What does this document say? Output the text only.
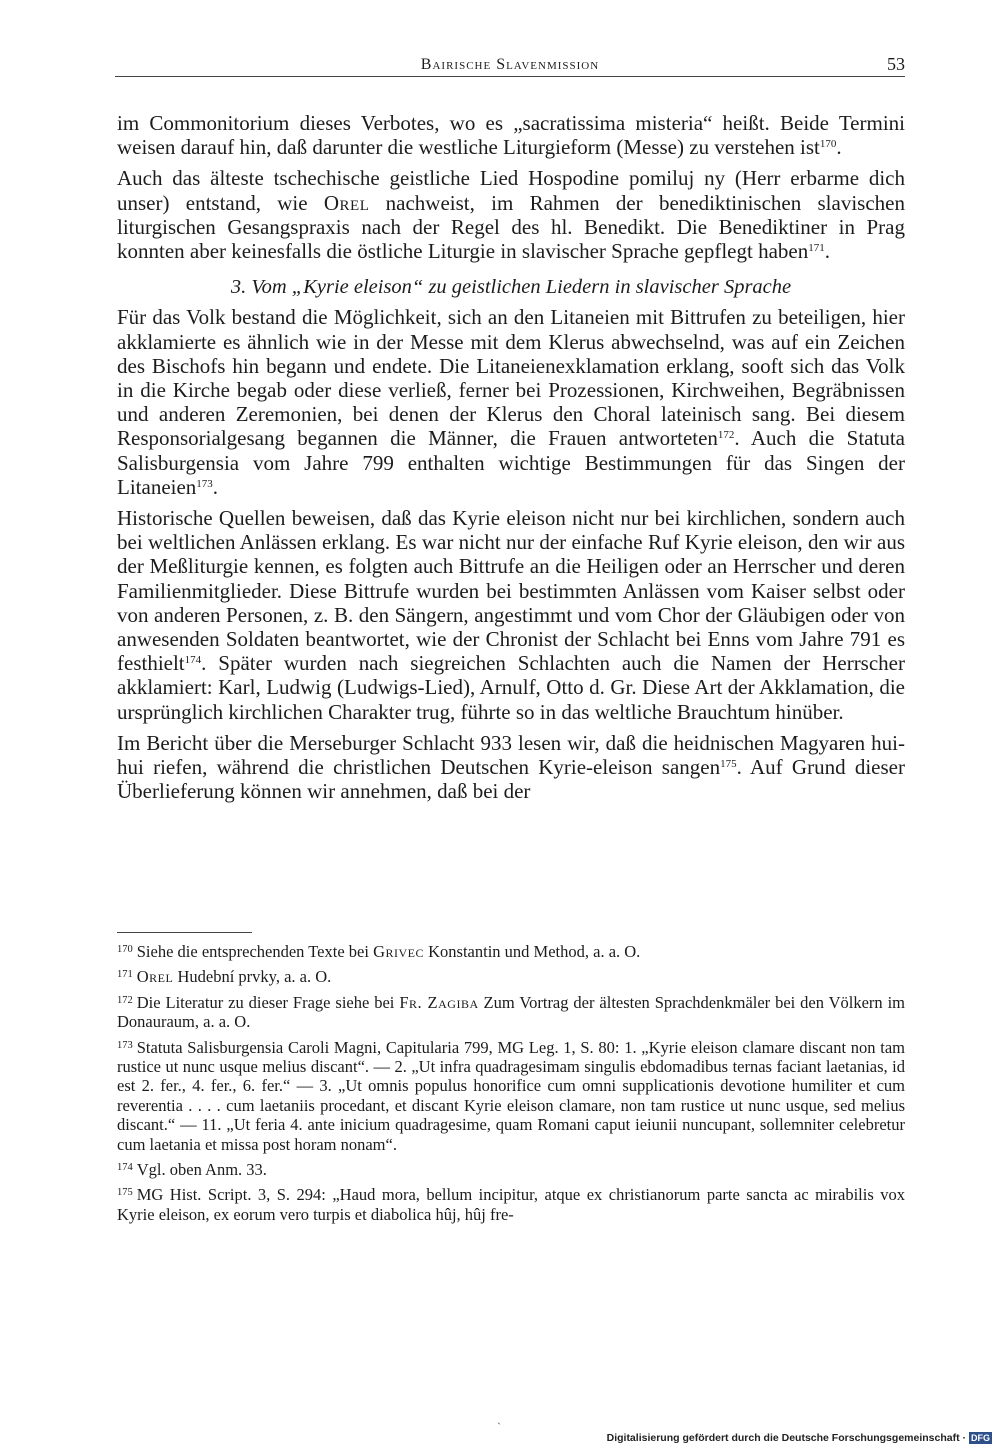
Bairische Slavenmission	53

im Commonitorium dieses Verbotes, wo es „sacratissima misteria“ heißt. Beide Termini weisen darauf hin, daß darunter die westliche Liturgieform (Messe) zu verstehen ist$^{170}$.

Auch das älteste tschechische geistliche Lied Hospodine pomiluj ny (Herr erbarme dich unser) entstand, wie Orel nachweist, im Rahmen der benediktinischen slavischen liturgischen Gesangspraxis nach der Regel des hl. Benedikt. Die Benediktiner in Prag konnten aber keinesfalls die östliche Liturgie in slavischer Sprache gepflegt haben$^{171}$.

3. Vom „Kyrie eleison“ zu geistlichen Liedern in slavischer Sprache

Für das Volk bestand die Möglichkeit, sich an den Litaneien mit Bittrufen zu beteiligen, hier akklamierte es ähnlich wie in der Messe mit dem Klerus abwechselnd, was auf ein Zeichen des Bischofs hin begann und endete. Die Litaneienexklamation erklang, sooft sich das Volk in die Kirche begab oder diese verließ, ferner bei Prozessionen, Kirchweihen, Begräbnissen und anderen Zeremonien, bei denen der Klerus den Choral lateinisch sang. Bei diesem Responsorialgesang begannen die Männer, die Frauen antworteten$^{172}$. Auch die Statuta Salisburgensia vom Jahre 799 enthalten wichtige Bestimmungen für das Singen der Litaneien$^{173}$.

Historische Quellen beweisen, daß das Kyrie eleison nicht nur bei kirchlichen, sondern auch bei weltlichen Anlässen erklang. Es war nicht nur der einfache Ruf Kyrie eleison, den wir aus der Meßliturgie kennen, es folgten auch Bittrufe an die Heiligen oder an Herrscher und deren Familienmitglieder. Diese Bittrufe wurden bei bestimmten Anlässen vom Kaiser selbst oder von anderen Personen, z. B. den Sängern, angestimmt und vom Chor der Gläubigen oder von anwesenden Soldaten beantwortet, wie der Chronist der Schlacht bei Enns vom Jahre 791 es festhielt$^{174}$. Später wurden nach siegreichen Schlachten auch die Namen der Herrscher akklamiert: Karl, Ludwig (Ludwigs-Lied), Arnulf, Otto d. Gr. Diese Art der Akklamation, die ursprünglich kirchlichen Charakter trug, führte so in das weltliche Brauchtum hinüber.

Im Bericht über die Merseburger Schlacht 933 lesen wir, daß die heidnischen Magyaren hui-hui riefen, während die christlichen Deutschen Kyrie-eleison sangen$^{175}$. Auf Grund dieser Überlieferung können wir annehmen, daß bei der

$^{170}$ Siehe die entsprechenden Texte bei Grivec Konstantin und Method, a. a. O.

$^{171}$ Orel Hudební prvky, a. a. O.

$^{172}$ Die Literatur zu dieser Frage siehe bei Fr. Zagiba Zum Vortrag der ältesten Sprachdenkmäler bei den Völkern im Donauraum, a. a. O.

$^{173}$ Statuta Salisburgensia Caroli Magni, Capitularia 799, MG Leg. 1, S. 80: 1. „Kyrie eleison clamare discant non tam rustice ut nunc usque melius discant“. — 2. „Ut infra quadragesimam singulis ebdomadibus ternas faciant laetanias, id est 2. fer., 4. fer., 6. fer.“ — 3. „Ut omnis populus honorifice cum omni supplicationis devotione humiliter et cum reverentia . . . . cum laetaniis procedant, et discant Kyrie eleison clamare, non tam rustice ut nunc usque, sed melius discant.“ — 11. „Ut feria 4. ante inicium quadragesime, quam Romani caput ieiunii nuncupant, sollemniter celebretur cum laetania et missa post horam nonam“.

$^{174}$ Vgl. oben Anm. 33.

$^{175}$ MG Hist. Script. 3, S. 294: „Haud mora, bellum incipitur, atque ex christianorum parte sancta ac mirabilis vox Kyrie eleison, ex eorum vero turpis et diabolica hûj, hûj fre-

ˎ
Digitalisierung gefördert durch die Deutsche Forschungsgemeinschaft · DFG
